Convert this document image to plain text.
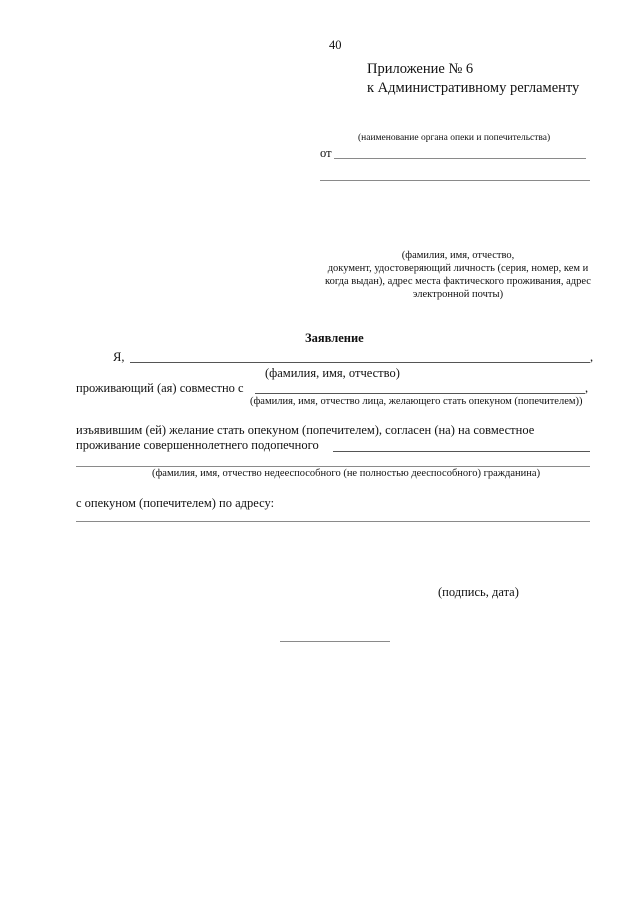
40
Приложение № 6
к Административному регламенту
(наименование органа опеки и попечительства)
от
(фамилия, имя, отчество,
документ, удостоверяющий личность (серия, номер, кем и
когда выдан), адрес места фактического проживания, адрес
электронной почты)
Заявление
Я,	,
(фамилия, имя, отчество)
проживающий (ая) совместно с	,
(фамилия, имя, отчество лица, желающего стать опекуном (попечителем))
изъявившим (ей) желание стать опекуном (попечителем), согласен (на) на совместное
проживание совершеннолетнего подопечного
(фамилия, имя, отчество недееспособного (не полностью дееспособного) гражданина)
с опекуном (попечителем) по адресу:
(подпись, дата)
